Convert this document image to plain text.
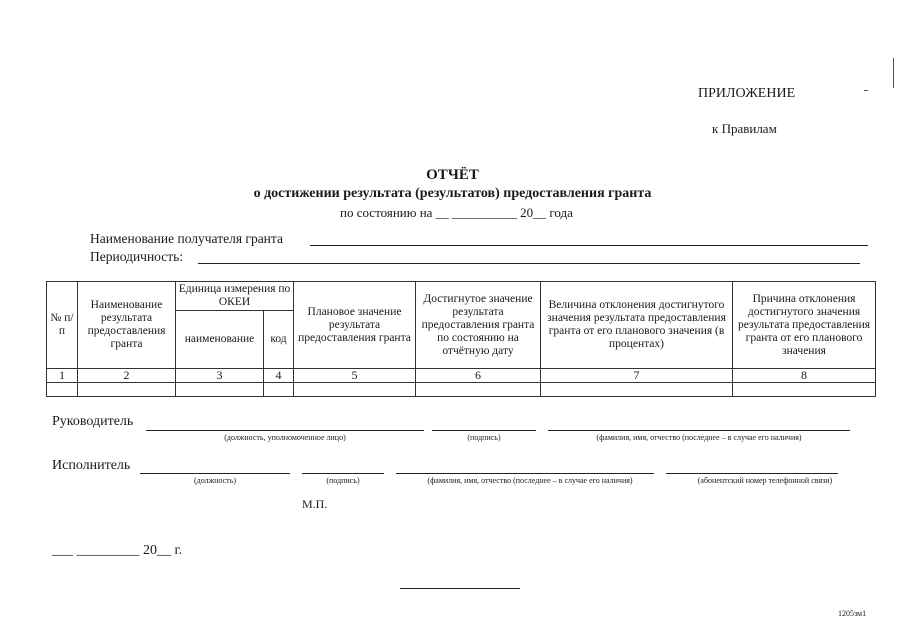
ПРИЛОЖЕНИЕ
к Правилам
ОТЧЁТ
о достижении результата (результатов) предоставления гранта
по состоянию на __ __________ 20__ года
Наименование получателя гранта
Периодичность:
№ п/п	Наименование результата предоставления гранта	Единица измерения по ОКЕИ		Плановое значение результата предоставления гранта	Достигнутое значение результата предоставления гранта по состоянию на отчётную дату	Величина отклонения достигнутого значения результата предоставления гранта от его планового значения (в процентах)	Причина отклонения достигнутого значения результата предоставления гранта от его планового значения
		наименование	код				
1	2	3	4	5	6	7	8

Руководитель
(должность, уполномоченное лицо)	(подпись)	(фамилия, имя, отчество (последнее – в случае его наличия)
Исполнитель
(должность)	(подпись)	(фамилия, имя, отчество (последнее – в случае его наличия)	(абонентский номер телефонной связи)
М.П.
___ _________ 20__ г.
1205зм1
